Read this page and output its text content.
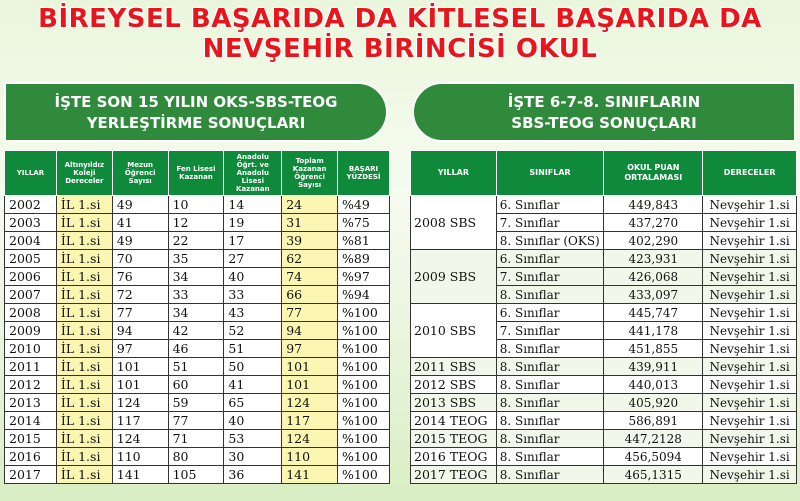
BİREYSEL BAŞARIDA DA KİTLESEL BAŞARIDA DA
NEVŞEHİR BİRİNCİSİ OKUL
İŞTE SON 15 YILIN OKS-SBS-TEOG
YERLEŞTİRME SONUÇLARI
İŞTE 6-7-8. SINIFLARIN
SBS-TEOG SONUÇLARI
YILLAR	Altınyıldız Koleji Dereceler	Mezun Öğrenci Sayısı	Fen Lisesi Kazanan	Anadolu Öğrt. ve Anadolu Lisesi Kazanan	Toplam Kazanan Öğrenci Sayısı	BAŞARI YÜZDESİ
2002	İL 1.si	49	10	14	24	%49
2003	İL 1.si	41	12	19	31	%75
2004	İL 1.si	49	22	17	39	%81
2005	İL 1.si	70	35	27	62	%89
2006	İL 1.si	76	34	40	74	%97
2007	İL 1.si	72	33	33	66	%94
2008	İL 1.si	77	34	43	77	%100
2009	İL 1.si	94	42	52	94	%100
2010	İL 1.si	97	46	51	97	%100
2011	İL 1.si	101	51	50	101	%100
2012	İL 1.si	101	60	41	101	%100
2013	İL 1.si	124	59	65	124	%100
2014	İL 1.si	117	77	40	117	%100
2015	İL 1.si	124	71	53	124	%100
2016	İL 1.si	110	80	30	110	%100
2017	İL 1.si	141	105	36	141	%100
YILLAR	SINIFLAR	OKUL PUAN ORTALAMASI	DERECELER
2008 SBS	6. Sınıflar	449,843	Nevşehir 1.si
	7. Sınıflar	437,270	Nevşehir 1.si
	8. Sınıflar (OKS)	402,290	Nevşehir 1.si
2009 SBS	6. Sınıflar	423,931	Nevşehir 1.si
	7. Sınıflar	426,068	Nevşehir 1.si
	8. Sınıflar	433,097	Nevşehir 1.si
2010 SBS	6. Sınıflar	445,747	Nevşehir 1.si
	7. Sınıflar	441,178	Nevşehir 1.si
	8. Sınıflar	451,855	Nevşehir 1.si
2011 SBS	8. Sınıflar	439,911	Nevşehir 1.si
2012 SBS	8. Sınıflar	440,013	Nevşehir 1.si
2013 SBS	8. Sınıflar	405,920	Nevşehir 1.si
2014 TEOG	8. Sınıflar	586,891	Nevşehir 1.si
2015 TEOG	8. Sınıflar	447,2128	Nevşehir 1.si
2016 TEOG	8. Sınıflar	456,5094	Nevşehir 1.si
2017 TEOG	8. Sınıflar	465,1315	Nevşehir 1.si
